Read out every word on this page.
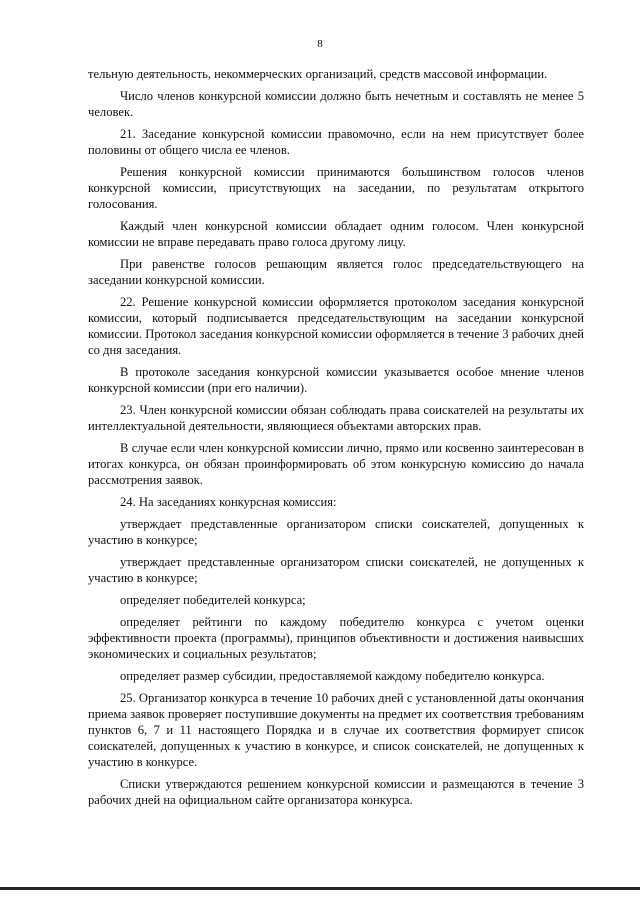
8

тельную деятельность, некоммерческих организаций, средств массовой информации.

Число членов конкурсной комиссии должно быть нечетным и составлять не менее 5 человек.

21. Заседание конкурсной комиссии правомочно, если на нем присутствует более половины от общего числа ее членов.

Решения конкурсной комиссии принимаются большинством голосов членов конкурсной комиссии, присутствующих на заседании, по результатам открытого голосования.

Каждый член конкурсной комиссии обладает одним голосом. Член конкурсной комиссии не вправе передавать право голоса другому лицу.

При равенстве голосов решающим является голос председательствующего на заседании конкурсной комиссии.

22. Решение конкурсной комиссии оформляется протоколом заседания конкурсной комиссии, который подписывается председательствующим на заседании конкурсной комиссии. Протокол заседания конкурсной комиссии оформляется в течение 3 рабочих дней со дня заседания.

В протоколе заседания конкурсной комиссии указывается особое мнение членов конкурсной комиссии (при его наличии).

23. Член конкурсной комиссии обязан соблюдать права соискателей на результаты их интеллектуальной деятельности, являющиеся объектами авторских прав.

В случае если член конкурсной комиссии лично, прямо или косвенно заинтересован в итогах конкурса, он обязан проинформировать об этом конкурсную комиссию до начала рассмотрения заявок.

24. На заседаниях конкурсная комиссия:

утверждает представленные организатором списки соискателей, допущенных к участию в конкурсе;

утверждает представленные организатором списки соискателей, не допущенных к участию в конкурсе;

определяет победителей конкурса;

определяет рейтинги по каждому победителю конкурса с учетом оценки эффективности проекта (программы), принципов объективности и достижения наивысших экономических и социальных результатов;

определяет размер субсидии, предоставляемой каждому победителю конкурса.

25. Организатор конкурса в течение 10 рабочих дней с установленной даты окончания приема заявок проверяет поступившие документы на предмет их соответствия требованиям пунктов 6, 7 и 11 настоящего Порядка и в случае их соответствия формирует список соискателей, допущенных к участию в конкурсе, и список соискателей, не допущенных к участию в конкурсе.

Списки утверждаются решением конкурсной комиссии и размещаются в течение 3 рабочих дней на официальном сайте организатора конкурса.
